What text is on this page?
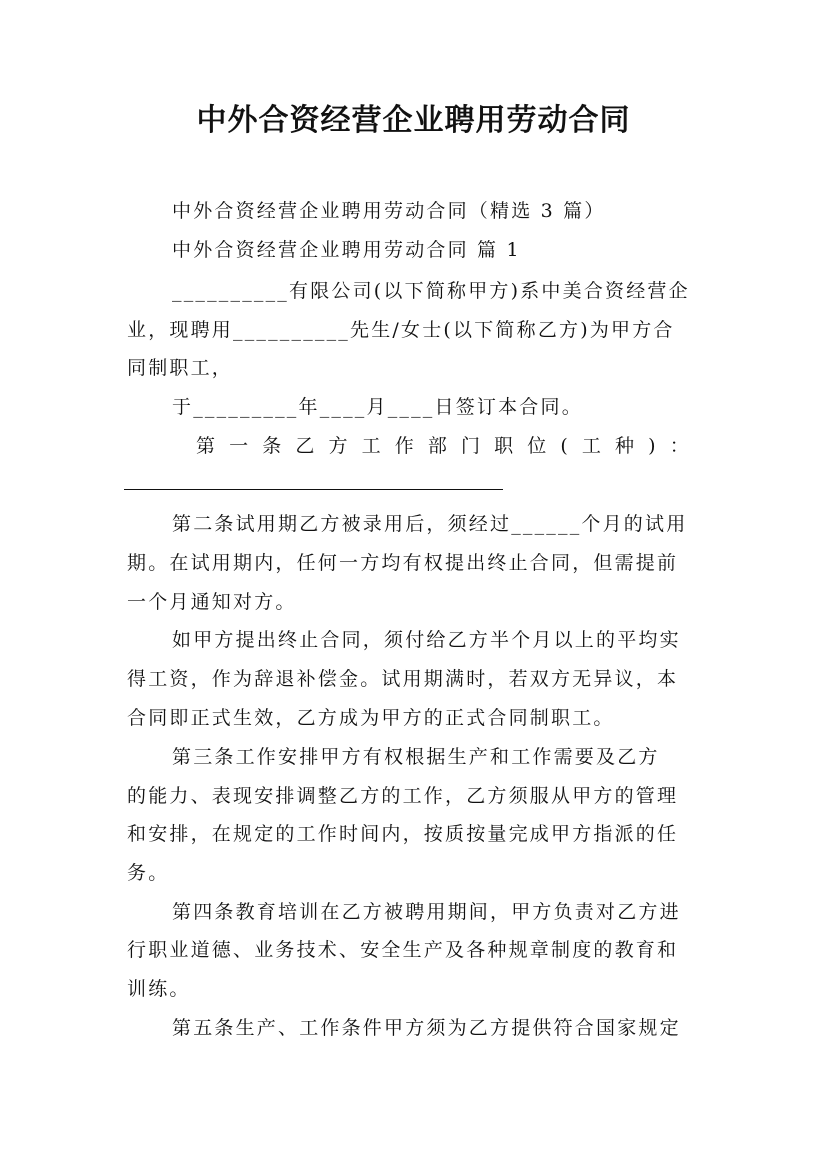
中外合资经营企业聘用劳动合同
中外合资经营企业聘用劳动合同（精选 3 篇）
中外合资经营企业聘用劳动合同 篇 1
__________有限公司(以下简称甲方)系中美合资经营企
业，现聘用__________先生/女士(以下简称乙方)为甲方合
同制职工，
于_________年____月____日签订本合同。
第 一 条 乙 方 工 作 部 门 职 位 ( 工 种 ) ：
第二条试用期乙方被录用后，须经过______个月的试用
期。在试用期内，任何一方均有权提出终止合同，但需提前
一个月通知对方。
如甲方提出终止合同，须付给乙方半个月以上的平均实
得工资，作为辞退补偿金。试用期满时，若双方无异议，本
合同即正式生效，乙方成为甲方的正式合同制职工。
第三条工作安排甲方有权根据生产和工作需要及乙方
的能力、表现安排调整乙方的工作，乙方须服从甲方的管理
和安排，在规定的工作时间内，按质按量完成甲方指派的任
务。
第四条教育培训在乙方被聘用期间，甲方负责对乙方进
行职业道德、业务技术、安全生产及各种规章制度的教育和
训练。
第五条生产、工作条件甲方须为乙方提供符合国家规定
